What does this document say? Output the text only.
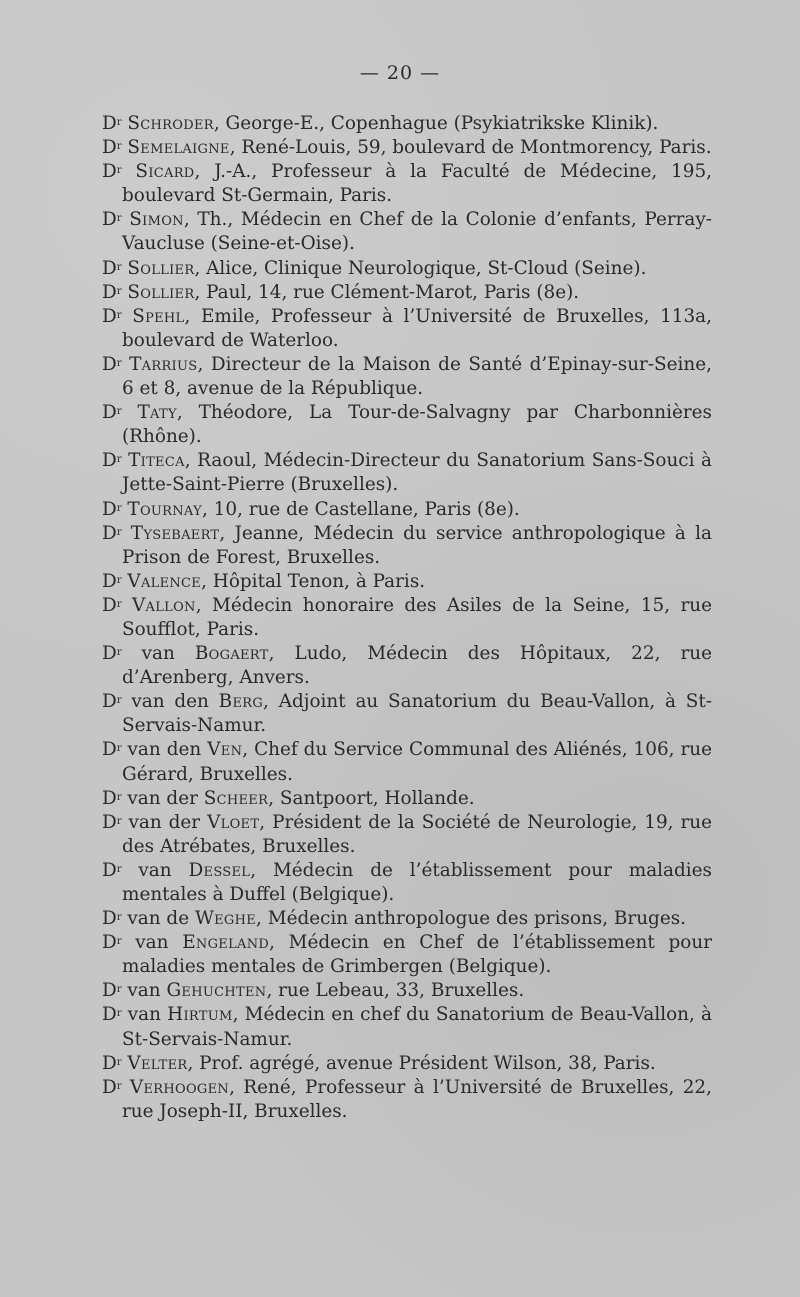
— 20 —

$D^r$ Schroder, George-E., Copenhague (Psykiatrikske Klinik).

$D^r$ Semelaigne, René-Louis, 59, boulevard de Montmorency, Paris.

$D^r$ Sicard, J.-A., Professeur à la Faculté de Médecine, 195, boulevard St-Germain, Paris.

$D^r$ Simon, Th., Médecin en Chef de la Colonie d’enfants, Perray-Vaucluse (Seine-et-Oise).

$D^r$ Sollier, Alice, Clinique Neurologique, St-Cloud (Seine).

$D^r$ Sollier, Paul, 14, rue Clément-Marot, Paris (8e).

$D^r$ Spehl, Emile, Professeur à l’Université de Bruxelles, 113a, boulevard de Waterloo.

$D^r$ Tarrius, Directeur de la Maison de Santé d’Epinay-sur-Seine, 6 et 8, avenue de la République.

$D^r$ Taty, Théodore, La Tour-de-Salvagny par Charbonnières (Rhône).

$D^r$ Titeca, Raoul, Médecin-Directeur du Sanatorium Sans-Souci à Jette-Saint-Pierre (Bruxelles).

$D^r$ Tournay, 10, rue de Castellane, Paris (8e).

$D^r$ Tysebaert, Jeanne, Médecin du service anthropologique à la Prison de Forest, Bruxelles.

$D^r$ Valence, Hôpital Tenon, à Paris.

$D^r$ Vallon, Médecin honoraire des Asiles de la Seine, 15, rue Soufflot, Paris.

$D^r$ van Bogaert, Ludo, Médecin des Hôpitaux, 22, rue d’Arenberg, Anvers.

$D^r$ van den Berg, Adjoint au Sanatorium du Beau-Vallon, à St-Servais-Namur.

$D^r$ van den Ven, Chef du Service Communal des Aliénés, 106, rue Gérard, Bruxelles.

$D^r$ van der Scheer, Santpoort, Hollande.

$D^r$ van der Vloet, Président de la Société de Neurologie, 19, rue des Atrébates, Bruxelles.

$D^r$ van Dessel, Médecin de l’établissement pour maladies mentales à Duffel (Belgique).

$D^r$ van de Weghe, Médecin anthropologue des prisons, Bruges.

$D^r$ van Engeland, Médecin en Chef de l’établissement pour maladies mentales de Grimbergen (Belgique).

$D^r$ van Gehuchten, rue Lebeau, 33, Bruxelles.

$D^r$ van Hirtum, Médecin en chef du Sanatorium de Beau-Vallon, à St-Servais-Namur.

$D^r$ Velter, Prof. agrégé, avenue Président Wilson, 38, Paris.

$D^r$ Verhoogen, René, Professeur à l’Université de Bruxelles, 22, rue Joseph-II, Bruxelles.
